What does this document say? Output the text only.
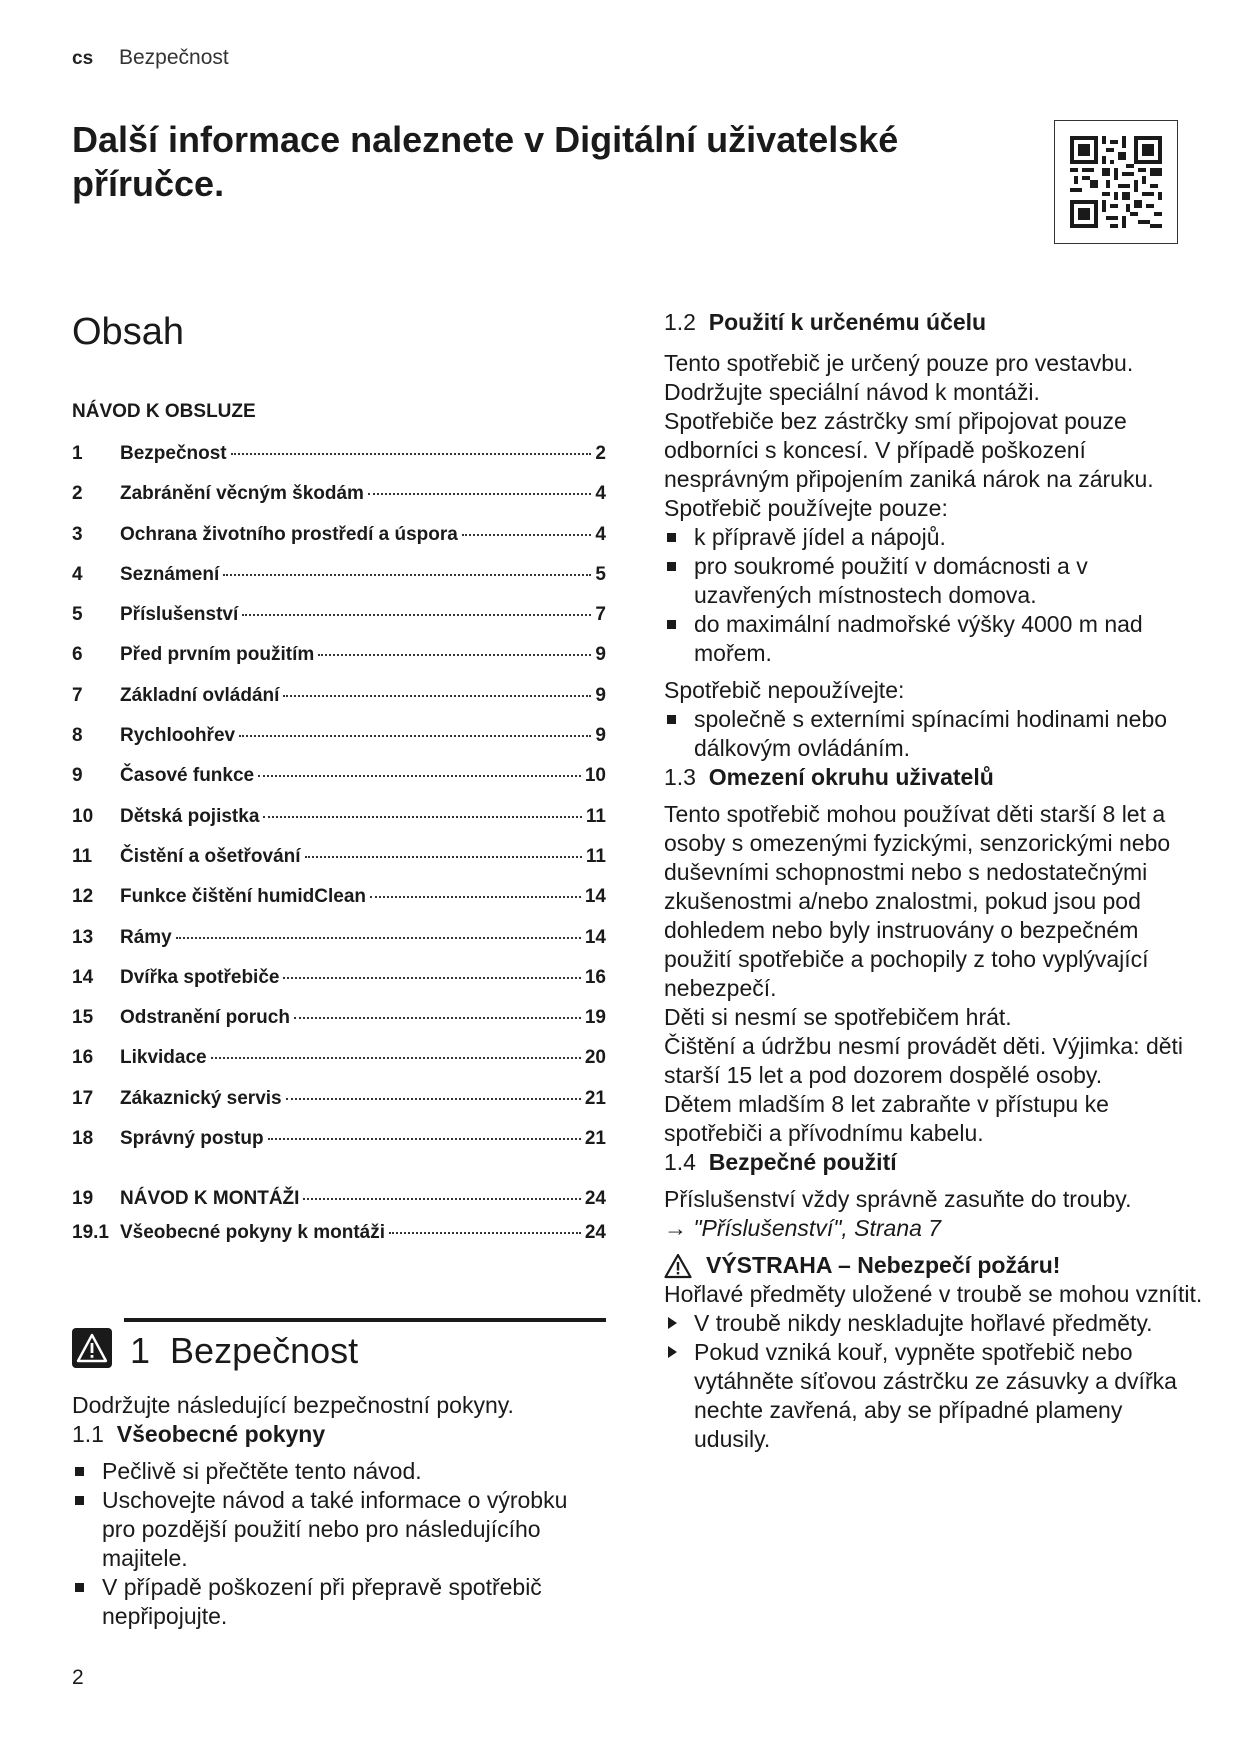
cs Bezpečnost
Další informace naleznete v Digitální uživatelské příručce.
Obsah
NÁVOD K OBSLUZE
1	Bezpečnost	2
2	Zabránění věcným škodám	4
3	Ochrana životního prostředí a úspora	4
4	Seznámení	5
5	Příslušenství	7
6	Před prvním použitím	9
7	Základní ovládání	9
8	Rychloohřev	9
9	Časové funkce	10
10	Dětská pojistka	11
11	Čistění a ošetřování	11
12	Funkce čištění humidClean	14
13	Rámy	14
14	Dvířka spotřebiče	16
15	Odstranění poruch	19
16	Likvidace	20
17	Zákaznický servis	21
18	Správný postup	21
19	NÁVOD K MONTÁŽI	24
19.1 Všeobecné pokyny k montáži	24
1 Bezpečnost

Dodržujte následující bezpečnostní pokyny.

1.1 Všeobecné pokyny
Pečlivě si přečtěte tento návod.
Uschovejte návod a také informace o výrobku pro pozdější použití nebo pro následujícího majitele.
V případě poškození při přepravě spotřebič nepřipojujte.
1.2 Použití k určenému účelu

Tento spotřebič je určený pouze pro vestavbu. Dodržujte speciální návod k montáži.

Spotřebiče bez zástrčky smí připojovat pouze odborníci s koncesí. V případě poškození nesprávným připojením zaniká nárok na záruku.

Spotřebič používejte pouze:

k přípravě jídel a nápojů.
pro soukromé použití v domácnosti a v uzavřených místnostech domova.
do maximální nadmořské výšky 4000 m nad mořem.

Spotřebič nepoužívejte:

společně s externími spínacími hodinami nebo dálkovým ovládáním.
1.3 Omezení okruhu uživatelů

Tento spotřebič mohou používat děti starší 8 let a osoby s omezenými fyzickými, senzorickými nebo duševními schopnostmi nebo s nedostatečnými zkušenostmi a/nebo znalostmi, pokud jsou pod dohledem nebo byly instruovány o bezpečném použití spotřebiče a pochopily z toho vyplývající nebezpečí.

Děti si nesmí se spotřebičem hrát.

Čištění a údržbu nesmí provádět děti. Výjimka: děti starší 15 let a pod dozorem dospělé osoby.

Dětem mladším 8 let zabraňte v přístupu ke spotřebiči a přívodnímu kabelu.

1.4 Bezpečné použití

Příslušenství vždy správně zasuňte do trouby.

→ "Příslušenství", Strana 7

VÝSTRAHA – Nebezpečí požáru!

Hořlavé předměty uložené v troubě se mohou vznítit.

V troubě nikdy neskladujte hořlavé předměty.
Pokud vzniká kouř, vypněte spotřebič nebo vytáhněte síťovou zástrčku ze zásuvky a dvířka nechte zavřená, aby se případné plameny udusily.
2
